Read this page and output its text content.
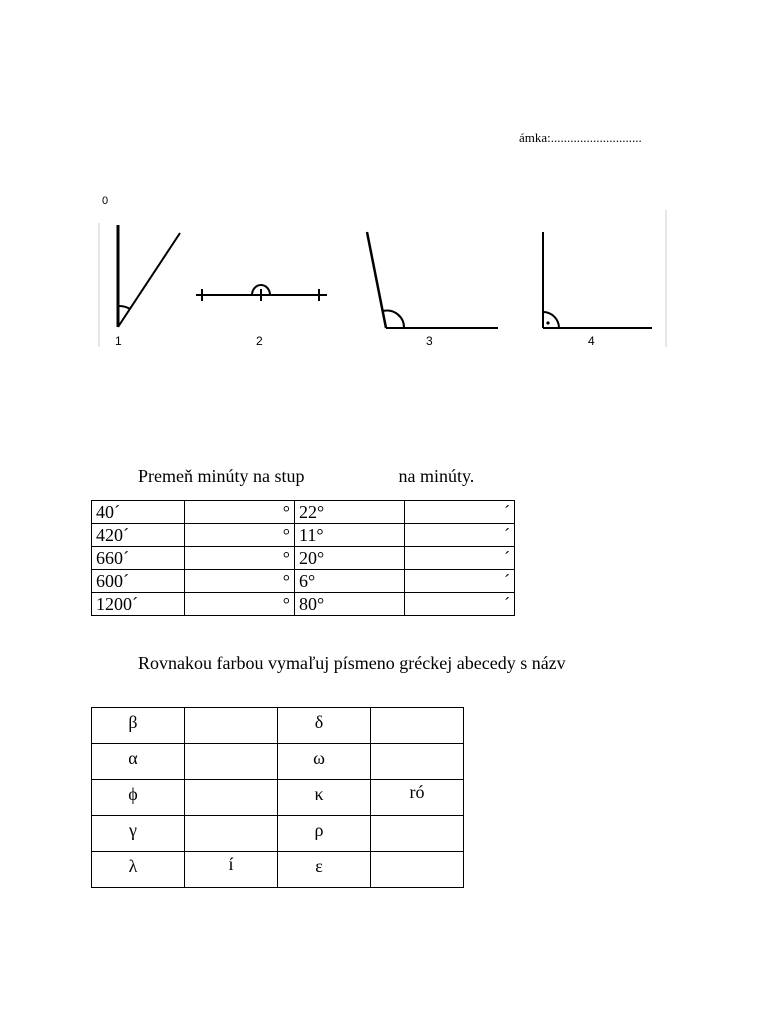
ámka:............................
0
1	2	3	4
Premeň minúty na stup	na minúty.
40´	°	22°	´
420´	°	11°	´
660´	°	20°	´
600´	°	6°	´
1200´	°	80°	´
Rovnakou farbou vymaľuj písmeno gréckej abecedy s názv
β		δ	
α		ω	
ϕ		κ	ró
γ		ρ	
λ	í	ε	
